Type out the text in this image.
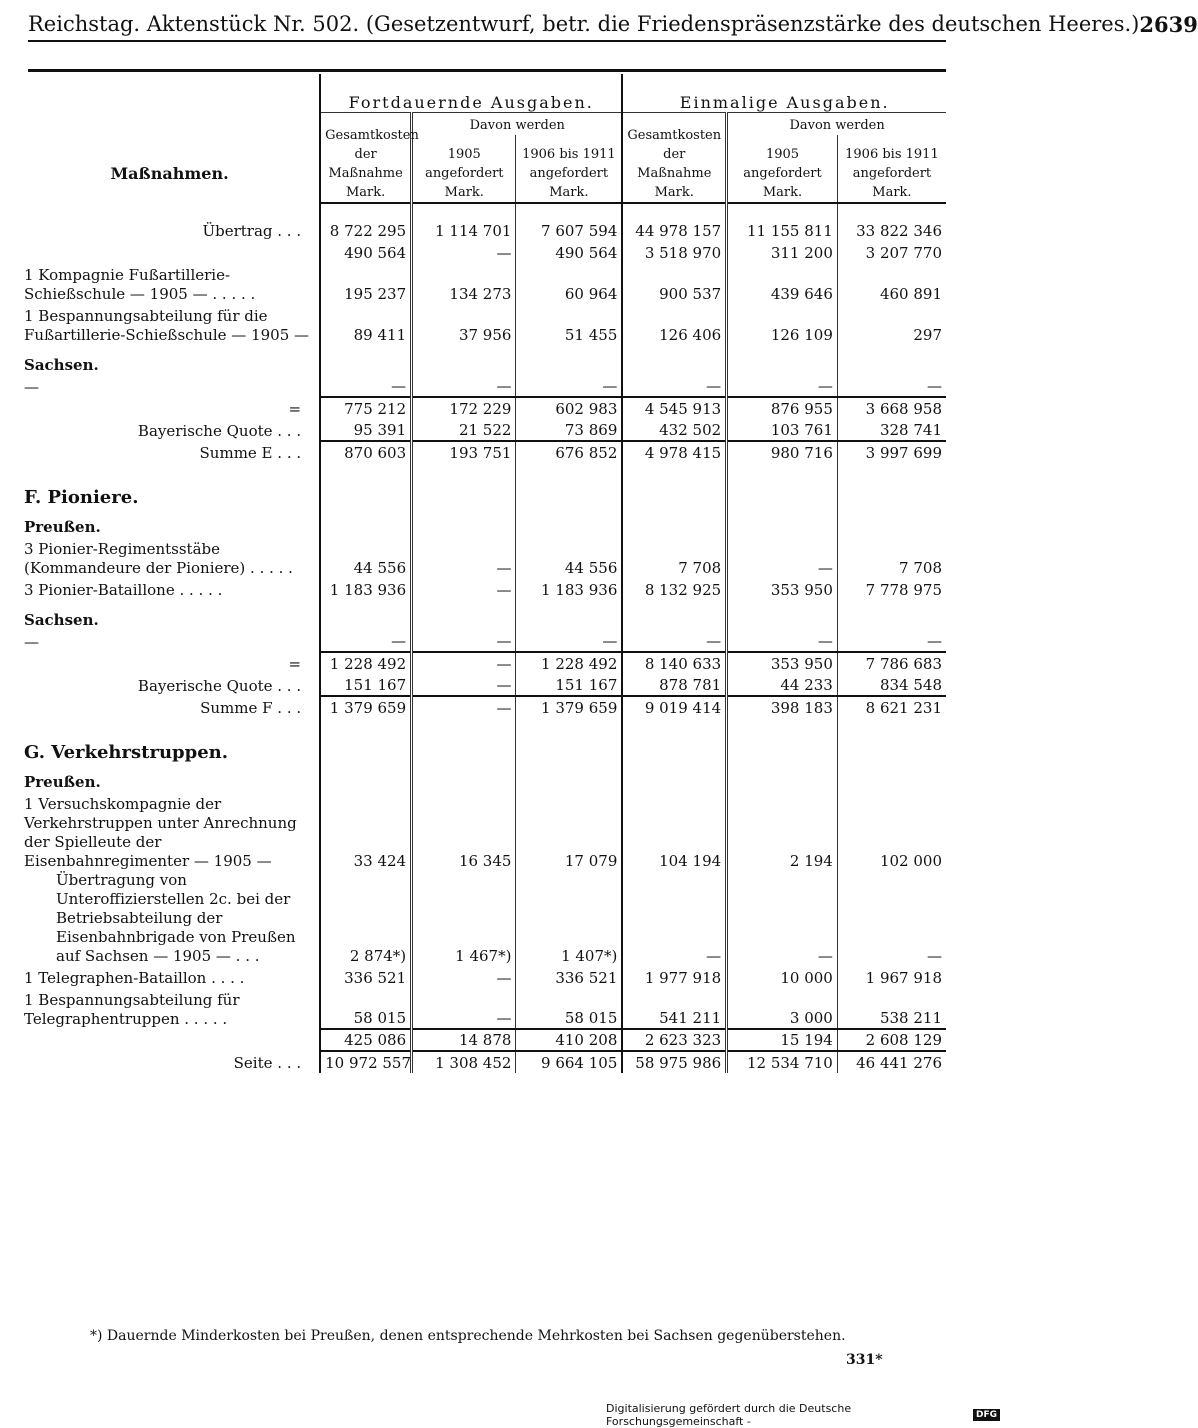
Reichstag. Aktenstück Nr. 502. (Gesetzentwurf, betr. die Friedenspräsenzstärke des deutschen Heeres.) 2639
Maßnahmen.	Fortdauernde Ausgaben.			Einmalige Ausgaben.		
	Gesamtkosten der Maßnahme	Davon werden		Gesamtkosten der Maßnahme	Davon werden	
		1905 angefordert	1906 bis 1911 angefordert		1905 angefordert	1906 bis 1911 angefordert
	Mark.	Mark.	Mark.	Mark.	Mark.	Mark.
Übertrag . . .	8 722 295	1 114 701	7 607 594	44 978 157	11 155 811	33 822 346
	490 564	—	490 564	3 518 970	311 200	3 207 770
1 Kompagnie Fußartillerie-Schießschule — 1905 — . . . . .	195 237	134 273	60 964	900 537	439 646	460 891
1 Bespannungsabteilung für die Fußartillerie-Schießschule — 1905 —	89 411	37 956	51 455	126 406	126 109	297
Sachsen.						
—	—	—	—	—	—	—
=	775 212	172 229	602 983	4 545 913	876 955	3 668 958
Bayerische Quote . . .	95 391	21 522	73 869	432 502	103 761	328 741
Summe E . . .	870 603	193 751	676 852	4 978 415	980 716	3 997 699
F. Pioniere.						
Preußen.						
3 Pionier-Regimentsstäbe (Kommandeure der Pioniere) . . . . .	44 556	—	44 556	7 708	—	7 708
3 Pionier-Bataillone . . . . .	1 183 936	—	1 183 936	8 132 925	353 950	7 778 975
Sachsen.						
—	—	—	—	—	—	—
=	1 228 492	—	1 228 492	8 140 633	353 950	7 786 683
Bayerische Quote . . .	151 167	—	151 167	878 781	44 233	834 548
Summe F . . .	1 379 659	—	1 379 659	9 019 414	398 183	8 621 231
G. Verkehrstruppen.						
Preußen.						
1 Versuchskompagnie der Verkehrstruppen unter Anrechnung der Spielleute der Eisenbahnregimenter — 1905 —	33 424	16 345	17 079	104 194	2 194	102 000
Übertragung von Unteroffizierstellen 2c. bei der Betriebsabteilung der Eisenbahnbrigade von Preußen auf Sachsen — 1905 — . . .	2 874*)	1 467*)	1 407*)	—	—	—
1 Telegraphen-Bataillon . . . .	336 521	—	336 521	1 977 918	10 000	1 967 918
1 Bespannungsabteilung für Telegraphentruppen . . . . .	58 015	—	58 015	541 211	3 000	538 211
	425 086	14 878	410 208	2 623 323	15 194	2 608 129
Seite . . .	10 972 557	1 308 452	9 664 105	58 975 986	12 534 710	46 441 276
*) Dauernde Minderkosten bei Preußen, denen entsprechende Mehrkosten bei Sachsen gegenüberstehen.
331*
Digitalisierung gefördert durch die Deutsche Forschungsgemeinschaft -	DFG
